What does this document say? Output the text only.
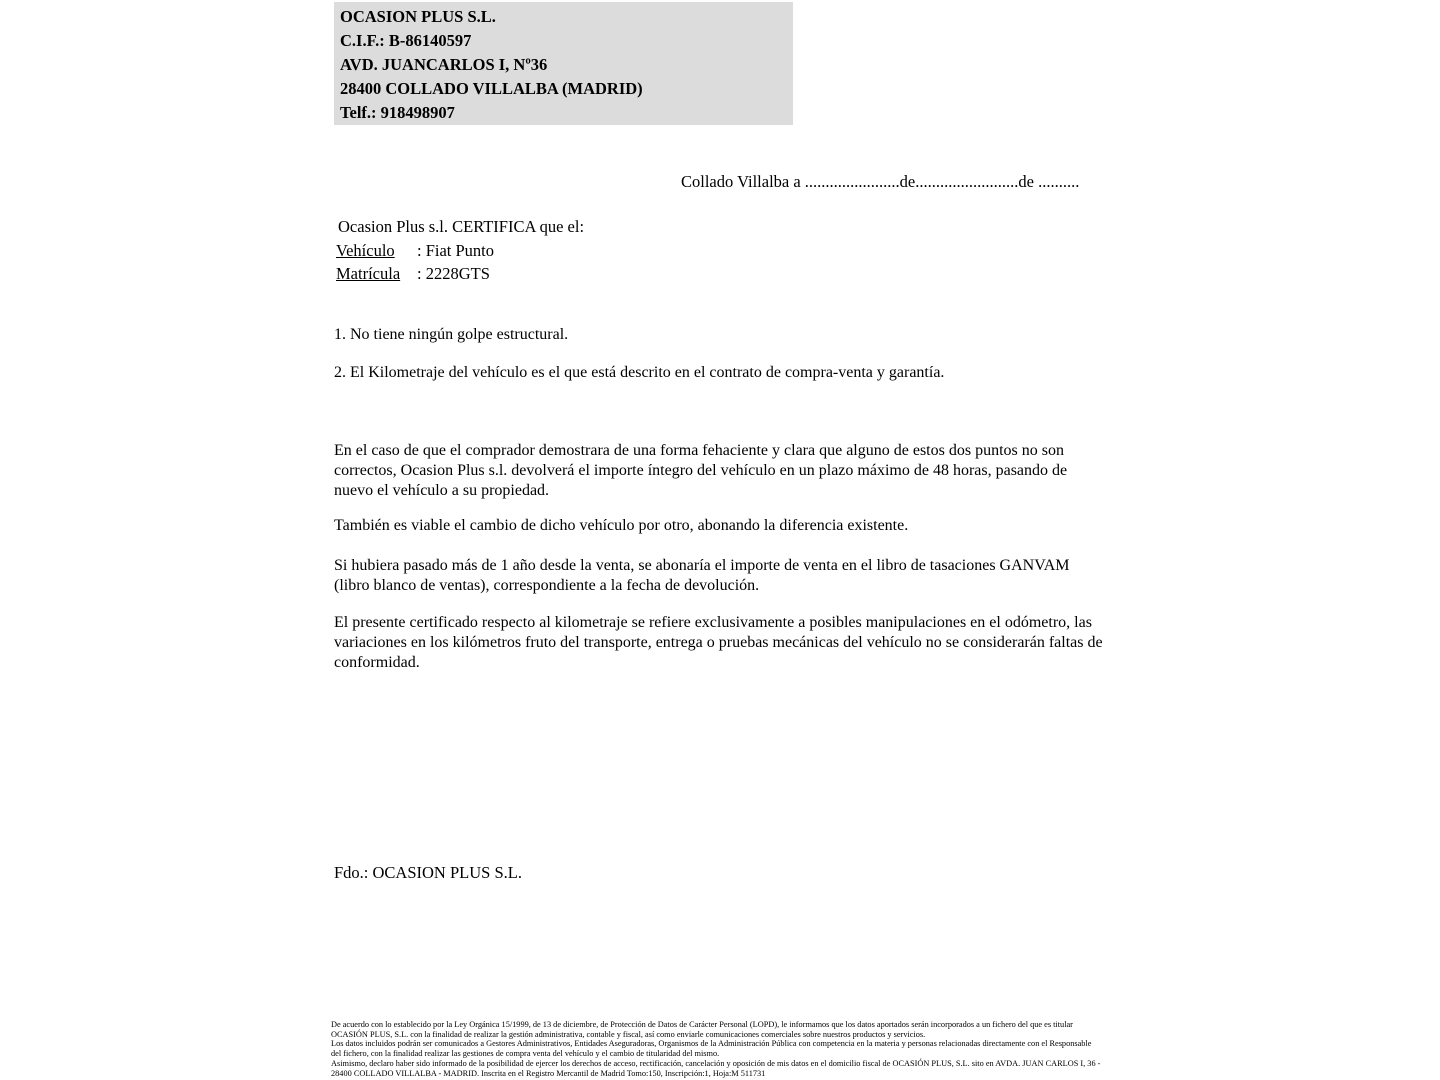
OCASION PLUS S.L.
C.I.F.: B-86140597
AVD. JUANCARLOS I, Nº36
28400 COLLADO VILLALBA (MADRID)
Telf.: 918498907
Collado Villalba a .......................de.........................de ..........
Ocasion Plus s.l. CERTIFICA que el:
Vehículo : Fiat Punto
Matrícula : 2228GTS
1. No tiene ningún golpe estructural.
2. El Kilometraje del vehículo es el que está descrito en el contrato de compra-venta y garantía.
En el caso de que el comprador demostrara de una forma fehaciente y clara que alguno de estos dos puntos no son correctos, Ocasion Plus s.l. devolverá el importe íntegro del vehículo en un plazo máximo de 48 horas, pasando de nuevo el vehículo a su propiedad.
También es viable el cambio de dicho vehículo por otro, abonando la diferencia existente.
Si hubiera pasado más de 1 año desde la venta, se abonaría el importe de venta en el libro de tasaciones GANVAM (libro blanco de ventas), correspondiente a la fecha de devolución.
El presente certificado respecto al kilometraje se refiere exclusivamente a posibles manipulaciones en el odómetro, las variaciones en los kilómetros fruto del transporte, entrega o pruebas mecánicas del vehículo no se considerarán faltas de conformidad.
Fdo.: OCASION PLUS S.L.

De acuerdo con lo establecido por la Ley Orgánica 15/1999, de 13 de diciembre, de Protección de Datos de Carácter Personal (LOPD), le informamos que los datos aportados serán incorporados a un fichero del que es titular OCASIÓN PLUS, S.L. con la finalidad de realizar la gestión administrativa, contable y fiscal, así como enviarle comunicaciones comerciales sobre nuestros productos y servicios.

Los datos incluidos podrán ser comunicados a Gestores Administrativos, Entidades Aseguradoras, Organismos de la Administración Pública con competencia en la materia y personas relacionadas directamente con el Responsable del fichero, con la finalidad realizar las gestiones de compra venta del vehículo y el cambio de titularidad del mismo.

Asimismo, declaro haber sido informado de la posibilidad de ejercer los derechos de acceso, rectificación, cancelación y oposición de mis datos en el domicilio fiscal de OCASIÓN PLUS, S.L. sito en AVDA. JUAN CARLOS I, 36 - 28400 COLLADO VILLALBA - MADRID. Inscrita en el Registro Mercantil de Madrid Tomo:150, Inscripción:1, Hoja:M 511731
